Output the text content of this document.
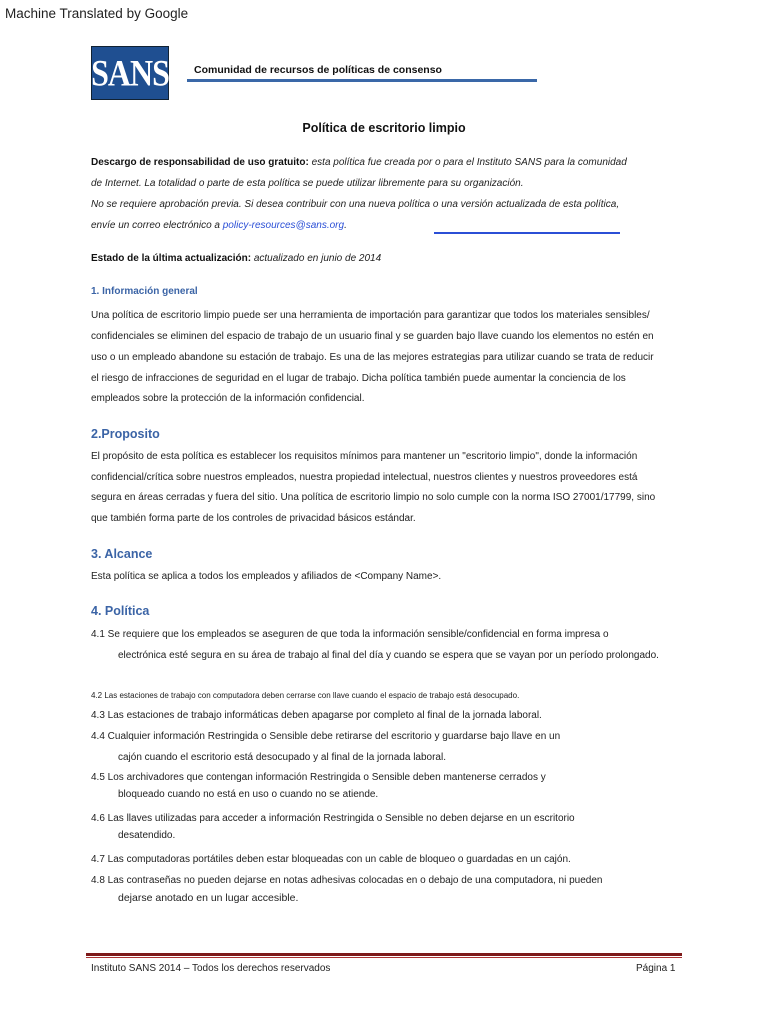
Machine Translated by Google
SANS Comunidad de recursos de políticas de consenso
Política de escritorio limpio
Descargo de responsabilidad de uso gratuito: esta política fue creada por o para el Instituto SANS para la comunidad
de Internet. La totalidad o parte de esta política se puede utilizar libremente para su organización.
No se requiere aprobación previa. Si desea contribuir con una nueva política o una versión actualizada de esta política,
envíe un correo electrónico a policy-resources@sans.org.
Estado de la última actualización: actualizado en junio de 2014
1. Información general
Una política de escritorio limpio puede ser una herramienta de importación para garantizar que todos los materiales sensibles/
confidenciales se eliminen del espacio de trabajo de un usuario final y se guarden bajo llave cuando los elementos no estén en
uso o un empleado abandone su estación de trabajo. Es una de las mejores estrategias para utilizar cuando se trata de reducir
el riesgo de infracciones de seguridad en el lugar de trabajo. Dicha política también puede aumentar la conciencia de los
empleados sobre la protección de la información confidencial.
2.Proposito
El propósito de esta política es establecer los requisitos mínimos para mantener un "escritorio limpio", donde la información
confidencial/crítica sobre nuestros empleados, nuestra propiedad intelectual, nuestros clientes y nuestros proveedores está
segura en áreas cerradas y fuera del sitio. Una política de escritorio limpio no solo cumple con la norma ISO 27001/17799, sino
que también forma parte de los controles de privacidad básicos estándar.
3. Alcance
Esta política se aplica a todos los empleados y afiliados de <Company Name>.
4. Política
4.1 Se requiere que los empleados se aseguren de que toda la información sensible/confidencial en forma impresa o
electrónica esté segura en su área de trabajo al final del día y cuando se espera que se vayan por un período prolongado.
4.2 Las estaciones de trabajo con computadora deben cerrarse con llave cuando el espacio de trabajo está desocupado.
4.3 Las estaciones de trabajo informáticas deben apagarse por completo al final de la jornada laboral.
4.4 Cualquier información Restringida o Sensible debe retirarse del escritorio y guardarse bajo llave en un
cajón cuando el escritorio está desocupado y al final de la jornada laboral.
4.5 Los archivadores que contengan información Restringida o Sensible deben mantenerse cerrados y
bloqueado cuando no está en uso o cuando no se atiende.
4.6 Las llaves utilizadas para acceder a información Restringida o Sensible no deben dejarse en un escritorio
desatendido.
4.7 Las computadoras portátiles deben estar bloqueadas con un cable de bloqueo o guardadas en un cajón.
4.8 Las contraseñas no pueden dejarse en notas adhesivas colocadas en o debajo de una computadora, ni pueden
dejarse anotado en un lugar accesible.
Instituto SANS 2014 – Todos los derechos reservados	Página 1
